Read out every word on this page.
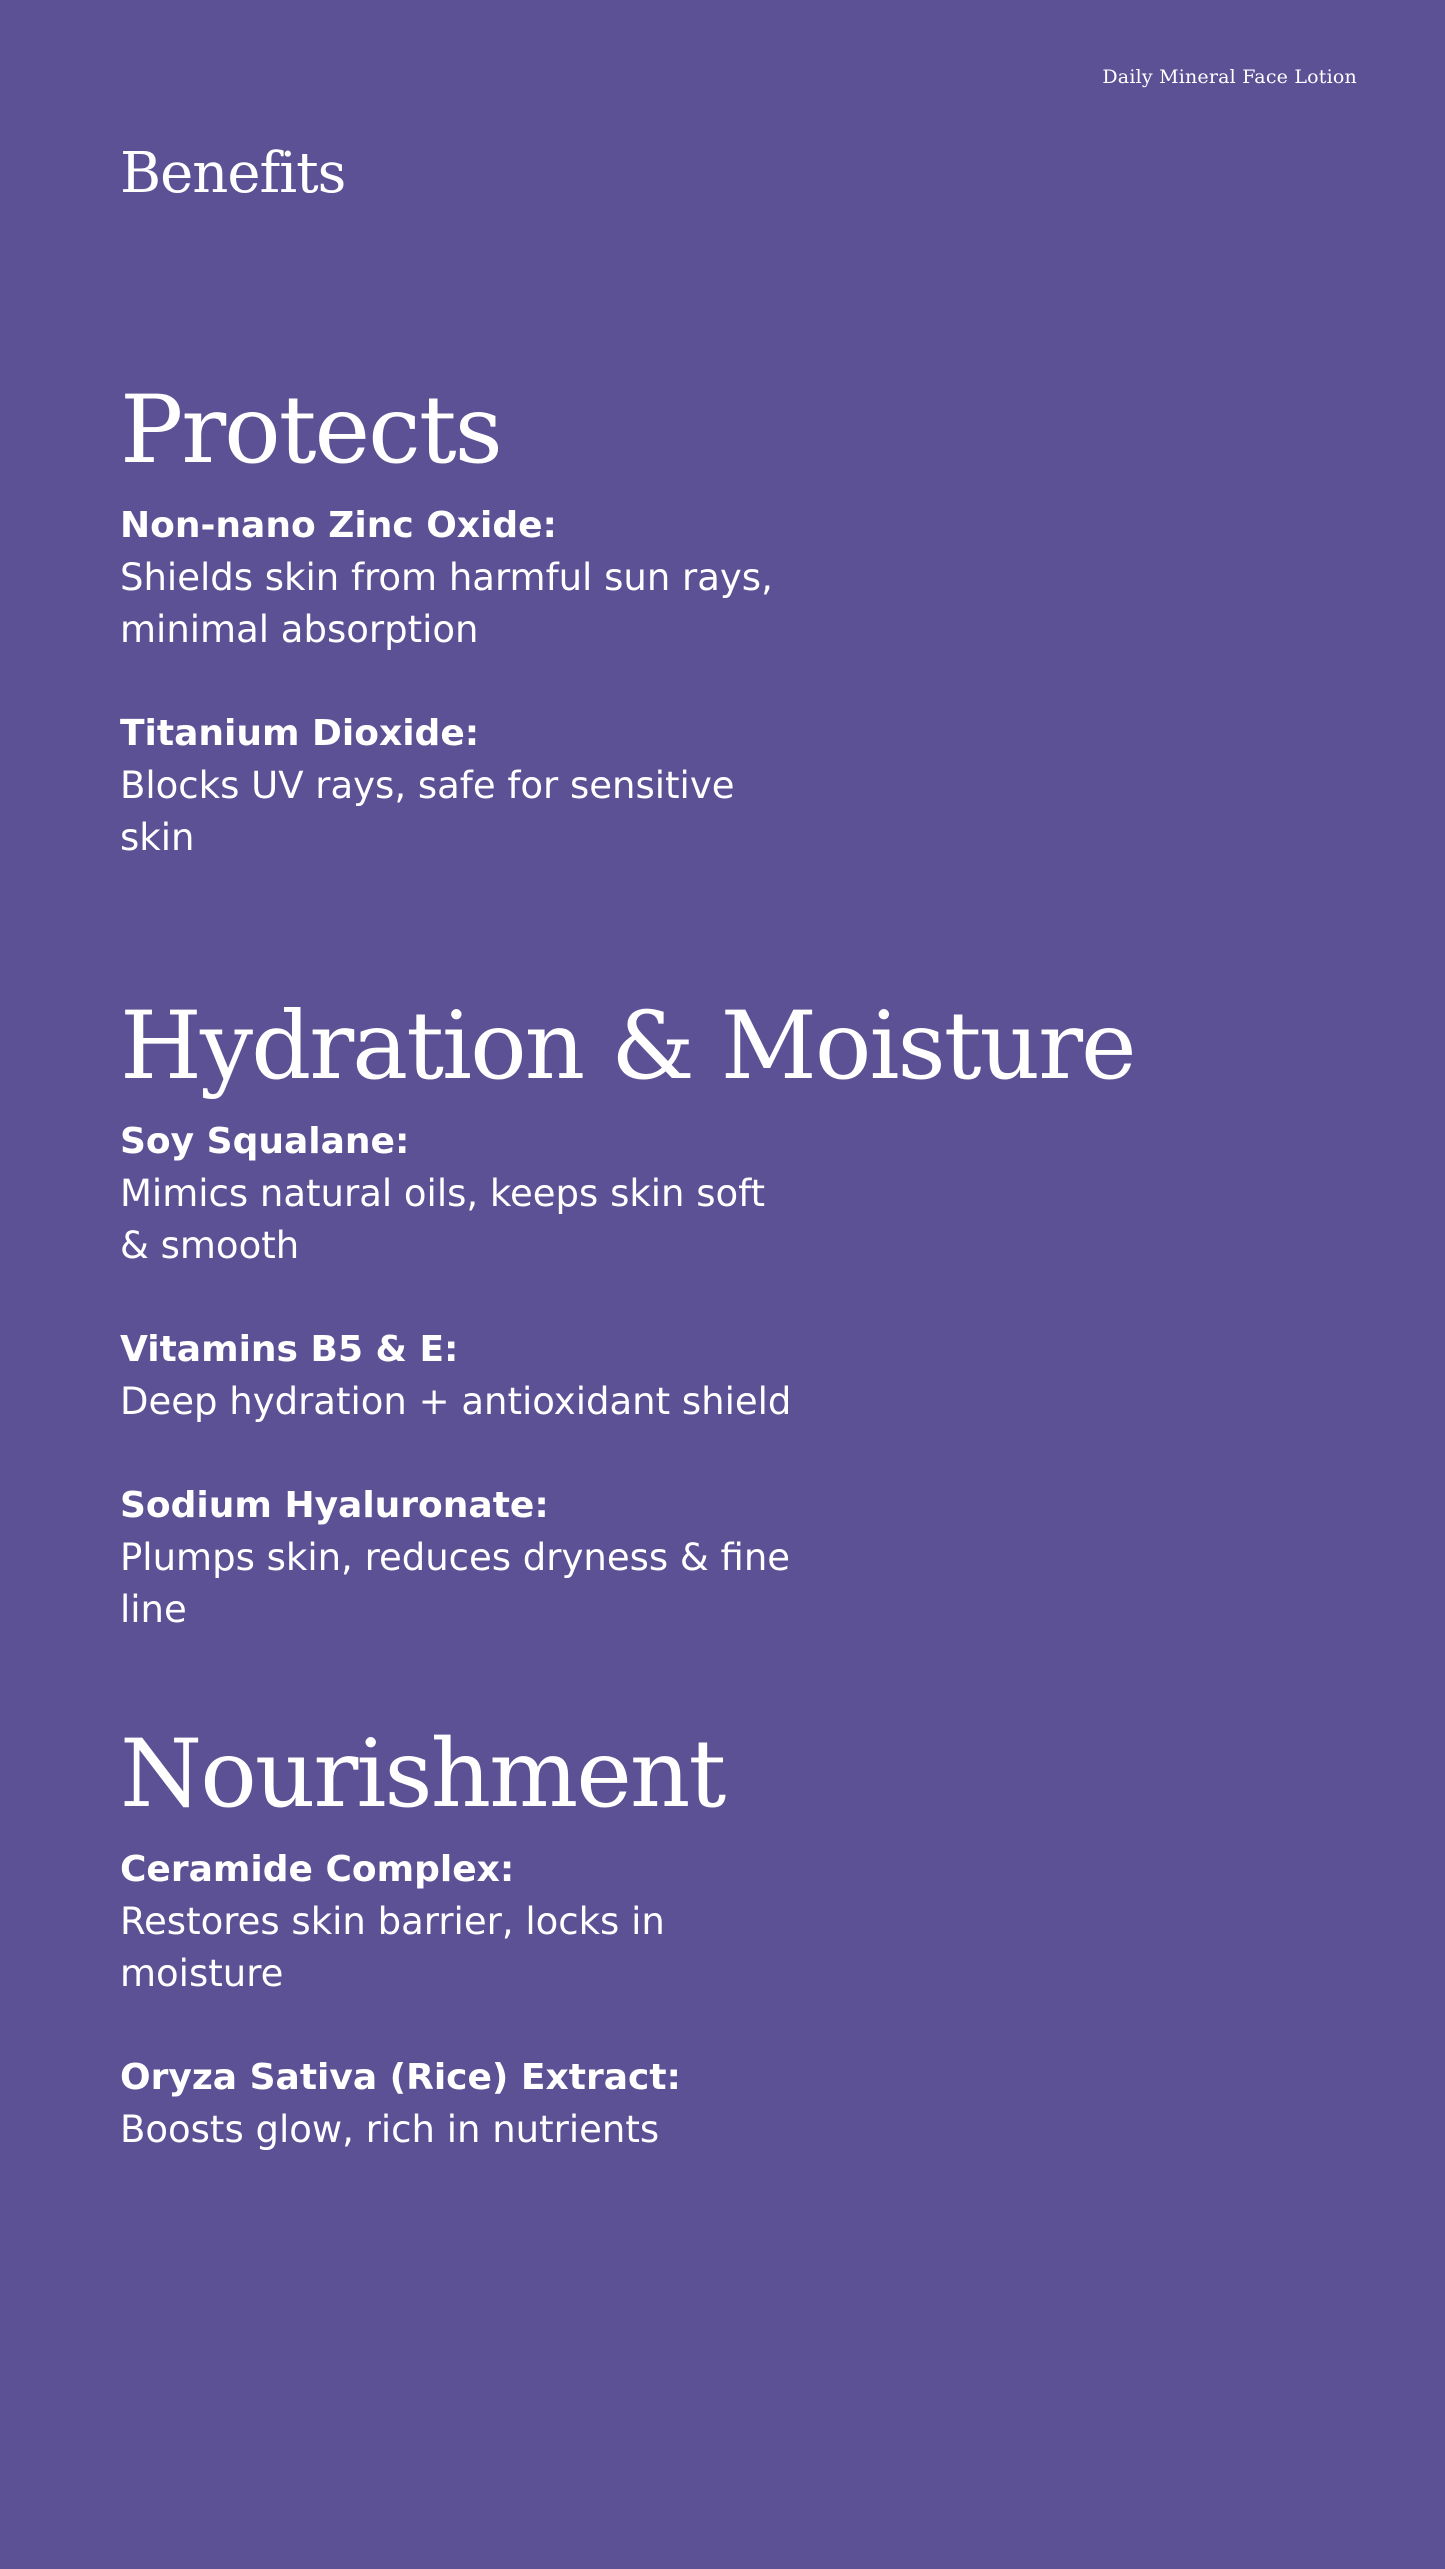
Daily Mineral Face Lotion

Benefits
Protects
Non-nano Zinc Oxide:
Shields skin from harmful sun rays, minimal absorption
Titanium Dioxide:
Blocks UV rays, safe for sensitive skin
Hydration & Moisture
Soy Squalane:
Mimics natural oils, keeps skin soft & smooth
Vitamins B5 & E:
Deep hydration + antioxidant shield
Sodium Hyaluronate:
Plumps skin, reduces dryness & fine line
Nourishment
Ceramide Complex:
Restores skin barrier, locks in moisture
Oryza Sativa (Rice) Extract:
Boosts glow, rich in nutrients
